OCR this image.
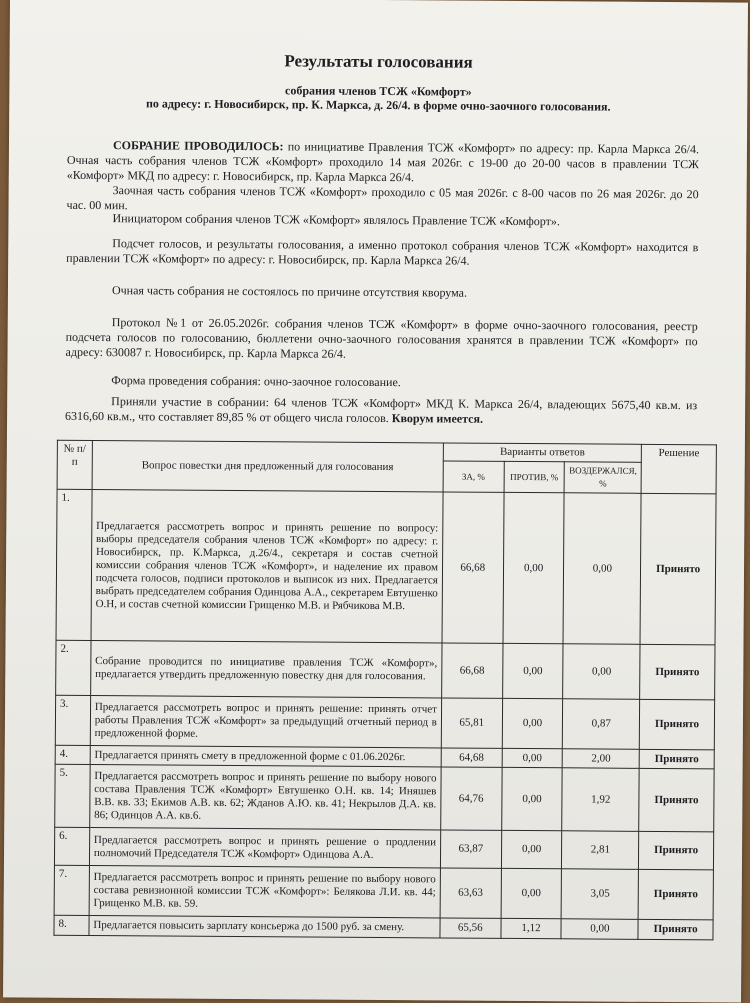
Результаты голосования
собрания членов ТСЖ «Комфорт»
по адресу: г. Новосибирск, пр. К. Маркса, д. 26/4. в форме очно-заочного голосования.
СОБРАНИЕ ПРОВОДИЛОСЬ: по инициативе Правления ТСЖ «Комфорт» по адресу: пр. Карла Маркса 26/4. Очная часть собрания членов ТСЖ «Комфорт» проходило 14 мая 2026г. с 19-00 до 20-00 часов в правлении ТСЖ «Комфорт» МКД по адресу: г. Новосибирск, пр. Карла Маркса 26/4.
Заочная часть собрания членов ТСЖ «Комфорт» проходило с 05 мая 2026г. с 8-00 часов по 26 мая 2026г. до 20 час. 00 мин.
Инициатором собрания членов ТСЖ «Комфорт» являлось Правление ТСЖ «Комфорт».
Подсчет голосов, и результаты голосования, а именно протокол собрания членов ТСЖ «Комфорт» находится в правлении ТСЖ «Комфорт» по адресу: г. Новосибирск, пр. Карла Маркса 26/4.
Очная часть собрания не состоялось по причине отсутствия кворума.
Протокол №1 от 26.05.2026г. собрания членов ТСЖ «Комфорт» в форме очно-заочного голосования, реестр подсчета голосов по голосованию, бюллетени очно-заочного голосования хранятся в правлении ТСЖ «Комфорт» по адресу: 630087 г. Новосибирск, пр. Карла Маркса 26/4.
Форма проведения собрания: очно-заочное голосование.
Приняли участие в собрании: 64 членов ТСЖ «Комфорт» МКД К. Маркса 26/4, владеющих 5675,40 кв.м. из 6316,60 кв.м., что составляет 89,85 % от общего числа голосов. Кворум имеется.
№ п/п	Вопрос повестки дня предложенный для голосования	Варианты ответов			Решение
		ЗА, %	ПРОТИВ, %	ВОЗДЕРЖАЛСЯ, %	
1.	Предлагается рассмотреть вопрос и принять решение по вопросу: выборы председателя собрания членов ТСЖ «Комфорт» по адресу: г. Новосибирск, пр. К.Маркса, д.26/4., секретаря и состав счетной комиссии собрания членов ТСЖ «Комфорт», и наделение их правом подсчета голосов, подписи протоколов и выписок из них. Предлагается выбрать председателем собрания Одинцова А.А., секретарем Евтушенко О.Н, и состав счетной комиссии Грищенко М.В. и Рябчикова М.В.	66,68	0,00	0,00	Принято
2.	Собрание проводится по инициативе правления ТСЖ «Комфорт», предлагается утвердить предложенную повестку дня для голосования.	66,68	0,00	0,00	Принято
3.	Предлагается рассмотреть вопрос и принять решение: принять отчет работы Правления ТСЖ «Комфорт» за предыдущий отчетный период в предложенной форме.	65,81	0,00	0,87	Принято
4.	Предлагается принять смету в предложенной форме с 01.06.2026г.	64,68	0,00	2,00	Принято
5.	Предлагается рассмотреть вопрос и принять решение по выбору нового состава Правления ТСЖ «Комфорт» Евтушенко О.Н. кв. 14; Иняшев В.В. кв. 33; Екимов А.В. кв. 62; Жданов А.Ю. кв. 41; Некрылов Д.А. кв. 86; Одинцов А.А. кв.6.	64,76	0,00	1,92	Принято
6.	Предлагается рассмотреть вопрос и принять решение о продлении полномочий Председателя ТСЖ «Комфорт» Одинцова А.А.	63,87	0,00	2,81	Принято
7.	Предлагается рассмотреть вопрос и принять решение по выбору нового состава ревизионной комиссии ТСЖ «Комфорт»: Белякова Л.И. кв. 44; Грищенко М.В. кв. 59.	63,63	0,00	3,05	Принято
8.	Предлагается повысить зарплату консьержа до 1500 руб. за смену.	65,56	1,12	0,00	Принято
